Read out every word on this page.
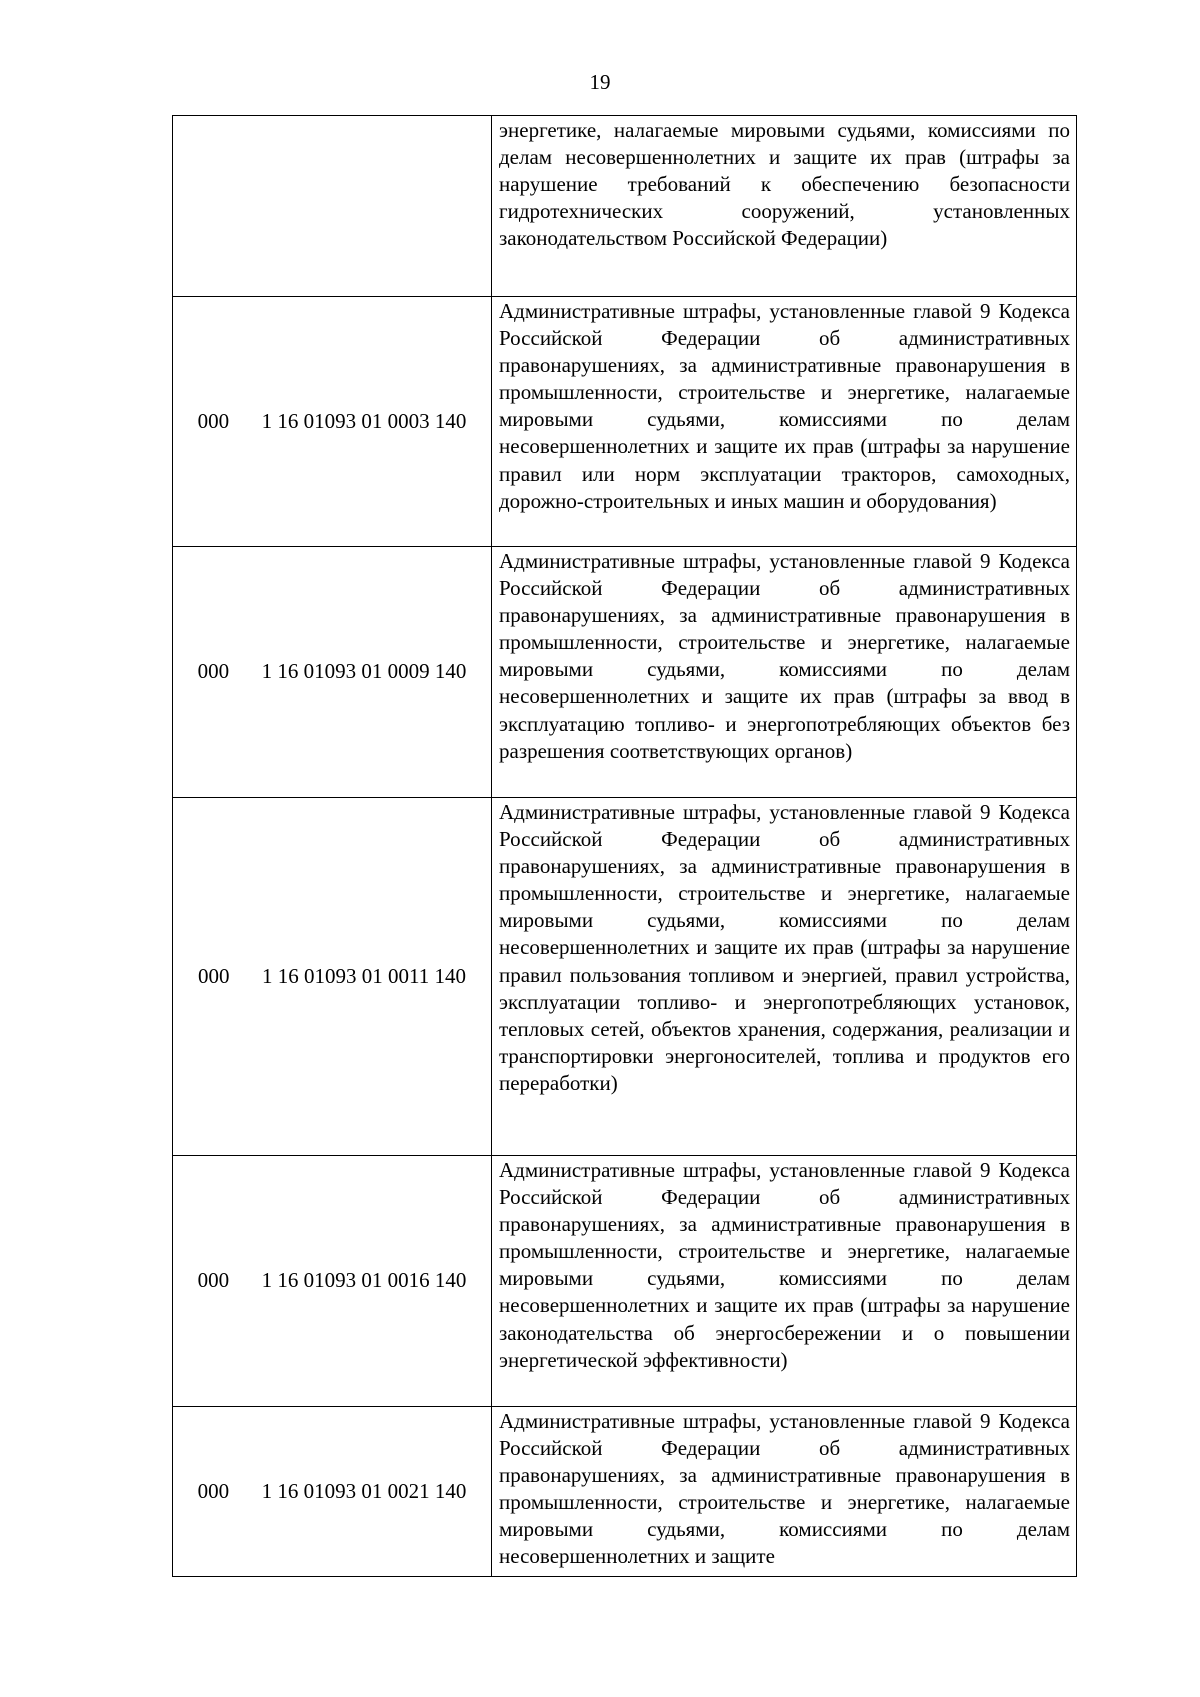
19
	энергетике, налагаемые мировыми судьями, комиссиями по делам несовершеннолетних и защите их прав (штрафы за нарушение требований к обеспечению безопасности гидротехнических сооружений, установленных законодательством Российской Федерации)
000 1 16 01093 01 0003 140	Административные штрафы, установленные главой 9 Кодекса Российской Федерации об административных правонарушениях, за административные правонарушения в промышленности, строительстве и энергетике, налагаемые мировыми судьями, комиссиями по делам несовершеннолетних и защите их прав (штрафы за нарушение правил или норм эксплуатации тракторов, самоходных, дорожно-строительных и иных машин и оборудования)
000 1 16 01093 01 0009 140	Административные штрафы, установленные главой 9 Кодекса Российской Федерации об административных правонарушениях, за административные правонарушения в промышленности, строительстве и энергетике, налагаемые мировыми судьями, комиссиями по делам несовершеннолетних и защите их прав (штрафы за ввод в эксплуатацию топливо- и энергопотребляющих объектов без разрешения соответствующих органов)
000 1 16 01093 01 0011 140	Административные штрафы, установленные главой 9 Кодекса Российской Федерации об административных правонарушениях, за административные правонарушения в промышленности, строительстве и энергетике, налагаемые мировыми судьями, комиссиями по делам несовершеннолетних и защите их прав (штрафы за нарушение правил пользования топливом и энергией, правил устройства, эксплуатации топливо- и энергопотребляющих установок, тепловых сетей, объектов хранения, содержания, реализации и транспортировки энергоносителей, топлива и продуктов его переработки)
000 1 16 01093 01 0016 140	Административные штрафы, установленные главой 9 Кодекса Российской Федерации об административных правонарушениях, за административные правонарушения в промышленности, строительстве и энергетике, налагаемые мировыми судьями, комиссиями по делам несовершеннолетних и защите их прав (штрафы за нарушение законодательства об энергосбережении и о повышении энергетической эффективности)
000 1 16 01093 01 0021 140	Административные штрафы, установленные главой 9 Кодекса Российской Федерации об административных правонарушениях, за административные правонарушения в промышленности, строительстве и энергетике, налагаемые мировыми судьями, комиссиями по делам несовершеннолетних и защите
